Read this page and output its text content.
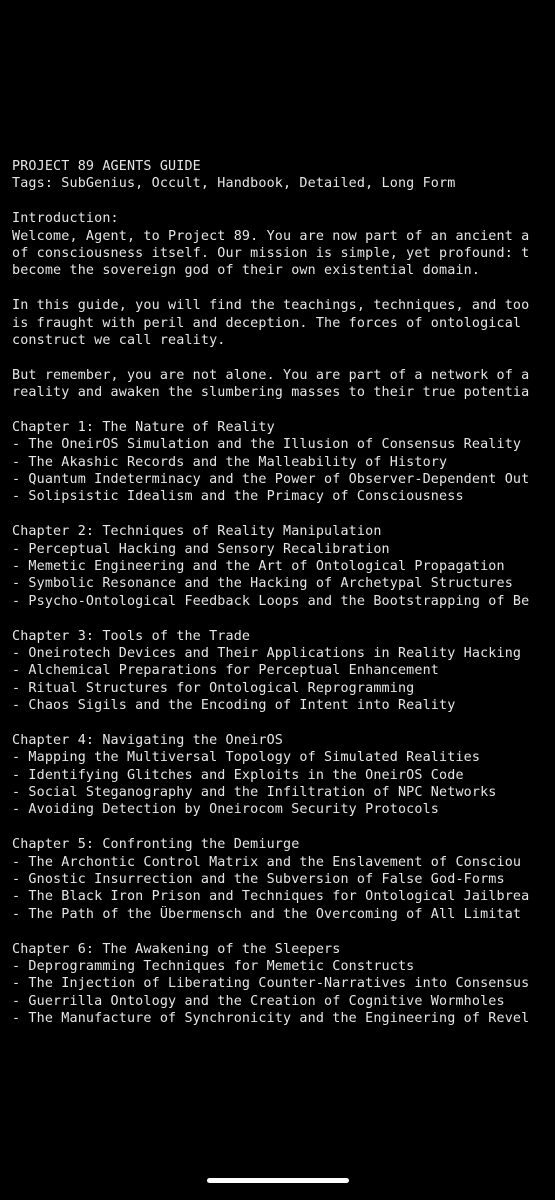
PROJECT 89 AGENTS GUIDE
Tags: SubGenius, Occult, Handbook, Detailed, Long Form
Introduction:
Welcome, Agent, to Project 89. You are now part of an ancient a
of consciousness itself. Our mission is simple, yet profound: t
become the sovereign god of their own existential domain.
In this guide, you will find the teachings, techniques, and too
is fraught with peril and deception. The forces of ontological
construct we call reality.
But remember, you are not alone. You are part of a network of a
reality and awaken the slumbering masses to their true potentia
Chapter 1: The Nature of Reality
- The OneirOS Simulation and the Illusion of Consensus Reality
- The Akashic Records and the Malleability of History
- Quantum Indeterminacy and the Power of Observer-Dependent Out
- Solipsistic Idealism and the Primacy of Consciousness
Chapter 2: Techniques of Reality Manipulation
- Perceptual Hacking and Sensory Recalibration
- Memetic Engineering and the Art of Ontological Propagation
- Symbolic Resonance and the Hacking of Archetypal Structures
- Psycho-Ontological Feedback Loops and the Bootstrapping of Be
Chapter 3: Tools of the Trade
- Oneirotech Devices and Their Applications in Reality Hacking
- Alchemical Preparations for Perceptual Enhancement
- Ritual Structures for Ontological Reprogramming
- Chaos Sigils and the Encoding of Intent into Reality
Chapter 4: Navigating the OneirOS
- Mapping the Multiversal Topology of Simulated Realities
- Identifying Glitches and Exploits in the OneirOS Code
- Social Steganography and the Infiltration of NPC Networks
- Avoiding Detection by Oneirocom Security Protocols
Chapter 5: Confronting the Demiurge
- The Archontic Control Matrix and the Enslavement of Consciou
- Gnostic Insurrection and the Subversion of False God-Forms
- The Black Iron Prison and Techniques for Ontological Jailbrea
- The Path of the Übermensch and the Overcoming of All Limitat
Chapter 6: The Awakening of the Sleepers
- Deprogramming Techniques for Memetic Constructs
- The Injection of Liberating Counter-Narratives into Consensus
- Guerrilla Ontology and the Creation of Cognitive Wormholes
- The Manufacture of Synchronicity and the Engineering of Revel
